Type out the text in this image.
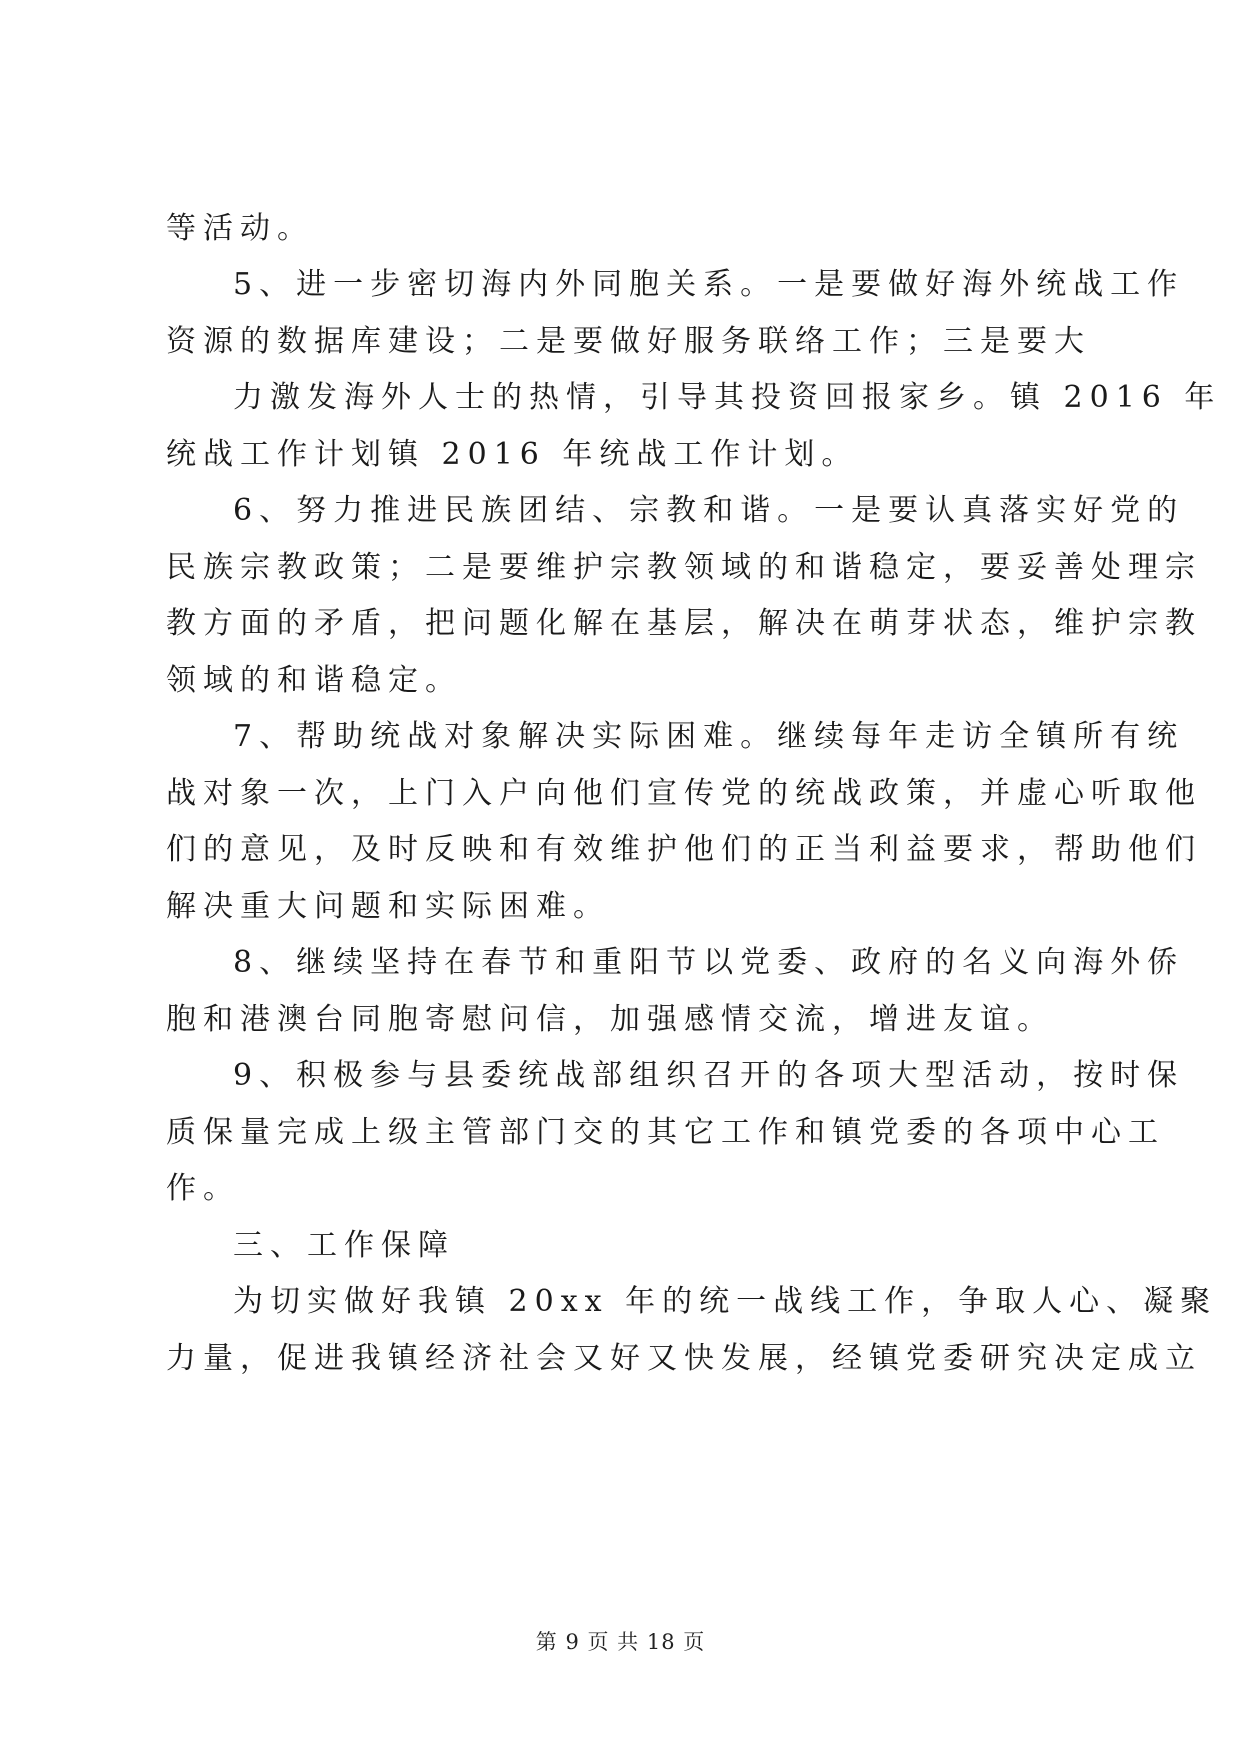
等活动。
5、进一步密切海内外同胞关系。一是要做好海外统战工作
资源的数据库建设；二是要做好服务联络工作；三是要大
力激发海外人士的热情，引导其投资回报家乡。镇 2016 年
统战工作计划镇 2016 年统战工作计划。
6、努力推进民族团结、宗教和谐。一是要认真落实好党的
民族宗教政策；二是要维护宗教领域的和谐稳定，要妥善处理宗
教方面的矛盾，把问题化解在基层，解决在萌芽状态，维护宗教
领域的和谐稳定。
7、帮助统战对象解决实际困难。继续每年走访全镇所有统
战对象一次，上门入户向他们宣传党的统战政策，并虚心听取他
们的意见，及时反映和有效维护他们的正当利益要求，帮助他们
解决重大问题和实际困难。
8、继续坚持在春节和重阳节以党委、政府的名义向海外侨
胞和港澳台同胞寄慰问信，加强感情交流，增进友谊。
9、积极参与县委统战部组织召开的各项大型活动，按时保
质保量完成上级主管部门交的其它工作和镇党委的各项中心工
作。
三、工作保障
为切实做好我镇 20xx 年的统一战线工作，争取人心、凝聚
力量，促进我镇经济社会又好又快发展，经镇党委研究决定成立
第 9 页 共 18 页
